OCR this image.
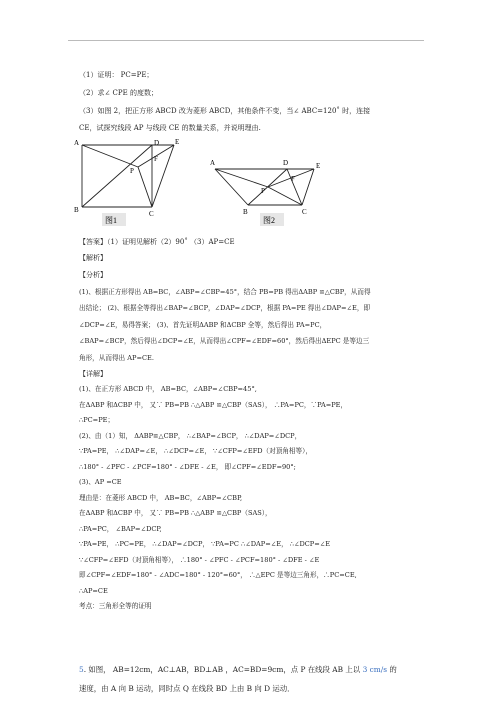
（1）证明： PC=PE；
（2）求∠ CPE 的度数；
（3）如图 2，把正方形 ABCD 改为菱形 ABCD，其他条件不变，当∠ ABC=120˚ 时，连接
CE，试探究线段 AP 与线段 CE 的数量关系，并说明理由.
图1
A
B	C
D E
F
P
图2
A
B	C
D	E
F
P
【答案】（1）证明见解析（2）90˚ （3）AP=CE
【解析】
【分析】
(1)、根据正方形得出 AB=BC，∠ABP=∠CBP=45°，结合 PB=PB 得出ΔABP ≌△CBP，从而得
出结论； (2)、根据全等得出∠BAP=∠BCP，∠DAP=∠DCP，根据 PA=PE 得出∠DAP=∠E，即
∠DCP=∠E，易得答案； (3)、首先证明ΔABP 和ΔCBP 全等，然后得出 PA=PC，
∠BAP=∠BCP，然后得出∠DCP=∠E，从而得出∠CPF=∠EDF=60°，然后得出ΔEPC 是等边三
角形，从而得出 AP=CE.
【详解】
(1)、在正方形 ABCD 中， AB=BC，∠ABP=∠CBP=45°,
在ΔABP 和ΔCBP 中， 又∵ PB=PB ∴△ABP ≌△CBP（SAS）， ∴PA=PC，∵PA=PE，
∴PC=PE；
(2)、由（1）知， ΔABP≌△CBP， ∴∠BAP=∠BCP， ∴∠DAP=∠DCP，
∵PA=PE， ∴∠DAP=∠E， ∴∠DCP=∠E， ∵∠CFP=∠EFD（对顶角相等），
∴180° - ∠PFC - ∠PCF=180° - ∠DFE - ∠E， 即∠CPF=∠EDF=90°;
(3)、AP =CE
理由是：在菱形 ABCD 中， AB=BC，∠ABP=∠CBP,
在ΔABP 和ΔCBP 中， 又∵ PB=PB ∴△ABP ≌△CBP（SAS），
∴PA=PC， ∠BAP=∠DCP,
∵PA=PE， ∴PC=PE， ∴∠DAP=∠DCP， ∵PA=PC ∴∠DAP=∠E， ∴∠DCP=∠E
∵∠CFP=∠EFD（对顶角相等）， ∴180° - ∠PFC - ∠PCF=180° - ∠DFE - ∠E
即∠CPF=∠EDF=180° - ∠ADC=180° - 120°=60°， ∴△EPC 是等边三角形，∴PC=CE,
∴AP=CE
考点：三角形全等的证明
5. 如图， AB=12cm，AC⊥AB，BD⊥AB ，AC=BD=9cm，点 P 在线段 AB 上以 3 cm/s 的
速度，由 A 向 B 运动，同时点 Q 在线段 BD 上由 B 向 D 运动．
